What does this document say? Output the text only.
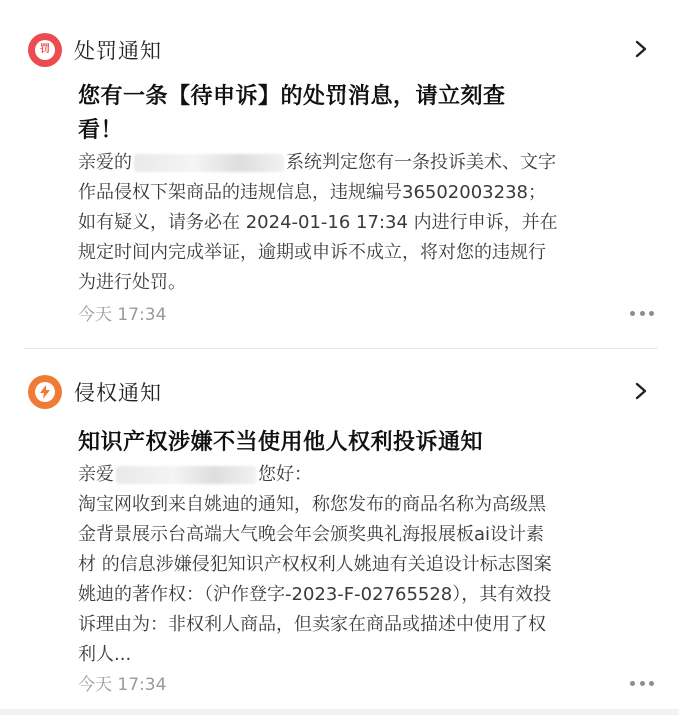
罚 处罚通知
您有一条【待申诉】的处罚消息，请立刻查看！
亲爱的	系统判定您有一条投诉美术、文字作品侵权下架商品的违规信息，违规编号36502003238；如有疑义，请务必在 2024-01-16 17:34 内进行申诉，并在规定时间内完成举证，逾期或申诉不成立，将对您的违规行为进行处罚。
今天 17:34
侵权通知
知识产权涉嫌不当使用他人权利投诉通知
亲爱	您好：
淘宝网收到来自姚迪的通知，称您发布的商品名称为高级黑金背景展示台高端大气晚会年会颁奖典礼海报展板ai设计素材 的信息涉嫌侵犯知识产权权利人姚迪有关追设计标志图案姚迪的著作权：（沪作登字-2023-F-02765528），其有效投诉理由为：非权利人商品，但卖家在商品或描述中使用了权利人...
今天 17:34
